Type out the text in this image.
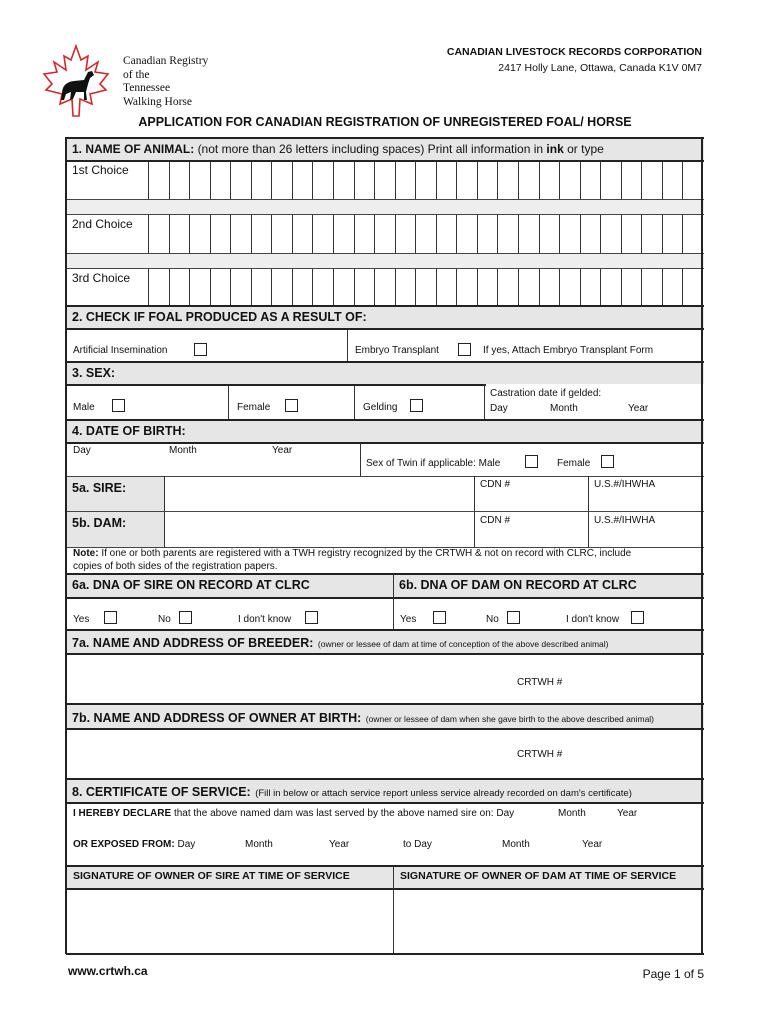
Canadian Registry
of the
Tennessee
Walking Horse
CANADIAN LIVESTOCK RECORDS CORPORATION
2417 Holly Lane, Ottawa, Canada K1V 0M7
APPLICATION FOR CANADIAN REGISTRATION OF UNREGISTERED FOAL/ HORSE
1. NAME OF ANIMAL: (not more than 26 letters including spaces) Print all information in ink or type
1st Choice
2nd Choice
3rd Choice
2. CHECK IF FOAL PRODUCED AS A RESULT OF:
Artificial Insemination	Embryo Transplant	If yes, Attach Embryo Transplant Form
3. SEX:
Male	Female	Gelding
Castration date if gelded:
Day	Month	Year
4. DATE OF BIRTH:
Day	Month	Year
Sex of Twin if applicable: Male	Female
5a. SIRE:	CDN #	U.S.#/IHWHA
5b. DAM:	CDN #	U.S.#/IHWHA
Note: If one or both parents are registered with a TWH registry recognized by the CRTWH & not on record with CLRC, include
copies of both sides of the registration papers.
6a. DNA OF SIRE ON RECORD AT CLRC	6b. DNA OF DAM ON RECORD AT CLRC
Yes	No	I don't know	Yes	No	I don't know
7a. NAME AND ADDRESS OF BREEDER: (owner or lessee of dam at time of conception of the above described animal)
CRTWH #
7b. NAME AND ADDRESS OF OWNER AT BIRTH: (owner or lessee of dam when she gave birth to the above described animal)
CRTWH #
8. CERTIFICATE OF SERVICE: (Fill in below or attach service report unless service already recorded on dam's certificate)
I HEREBY DECLARE that the above named dam was last served by the above named sire on: Day	Month	Year
OR EXPOSED FROM: Day	Month	Year	to Day	Month	Year
SIGNATURE OF OWNER OF SIRE AT TIME OF SERVICE	SIGNATURE OF OWNER OF DAM AT TIME OF SERVICE
www.crtwh.ca	Page 1 of 5
